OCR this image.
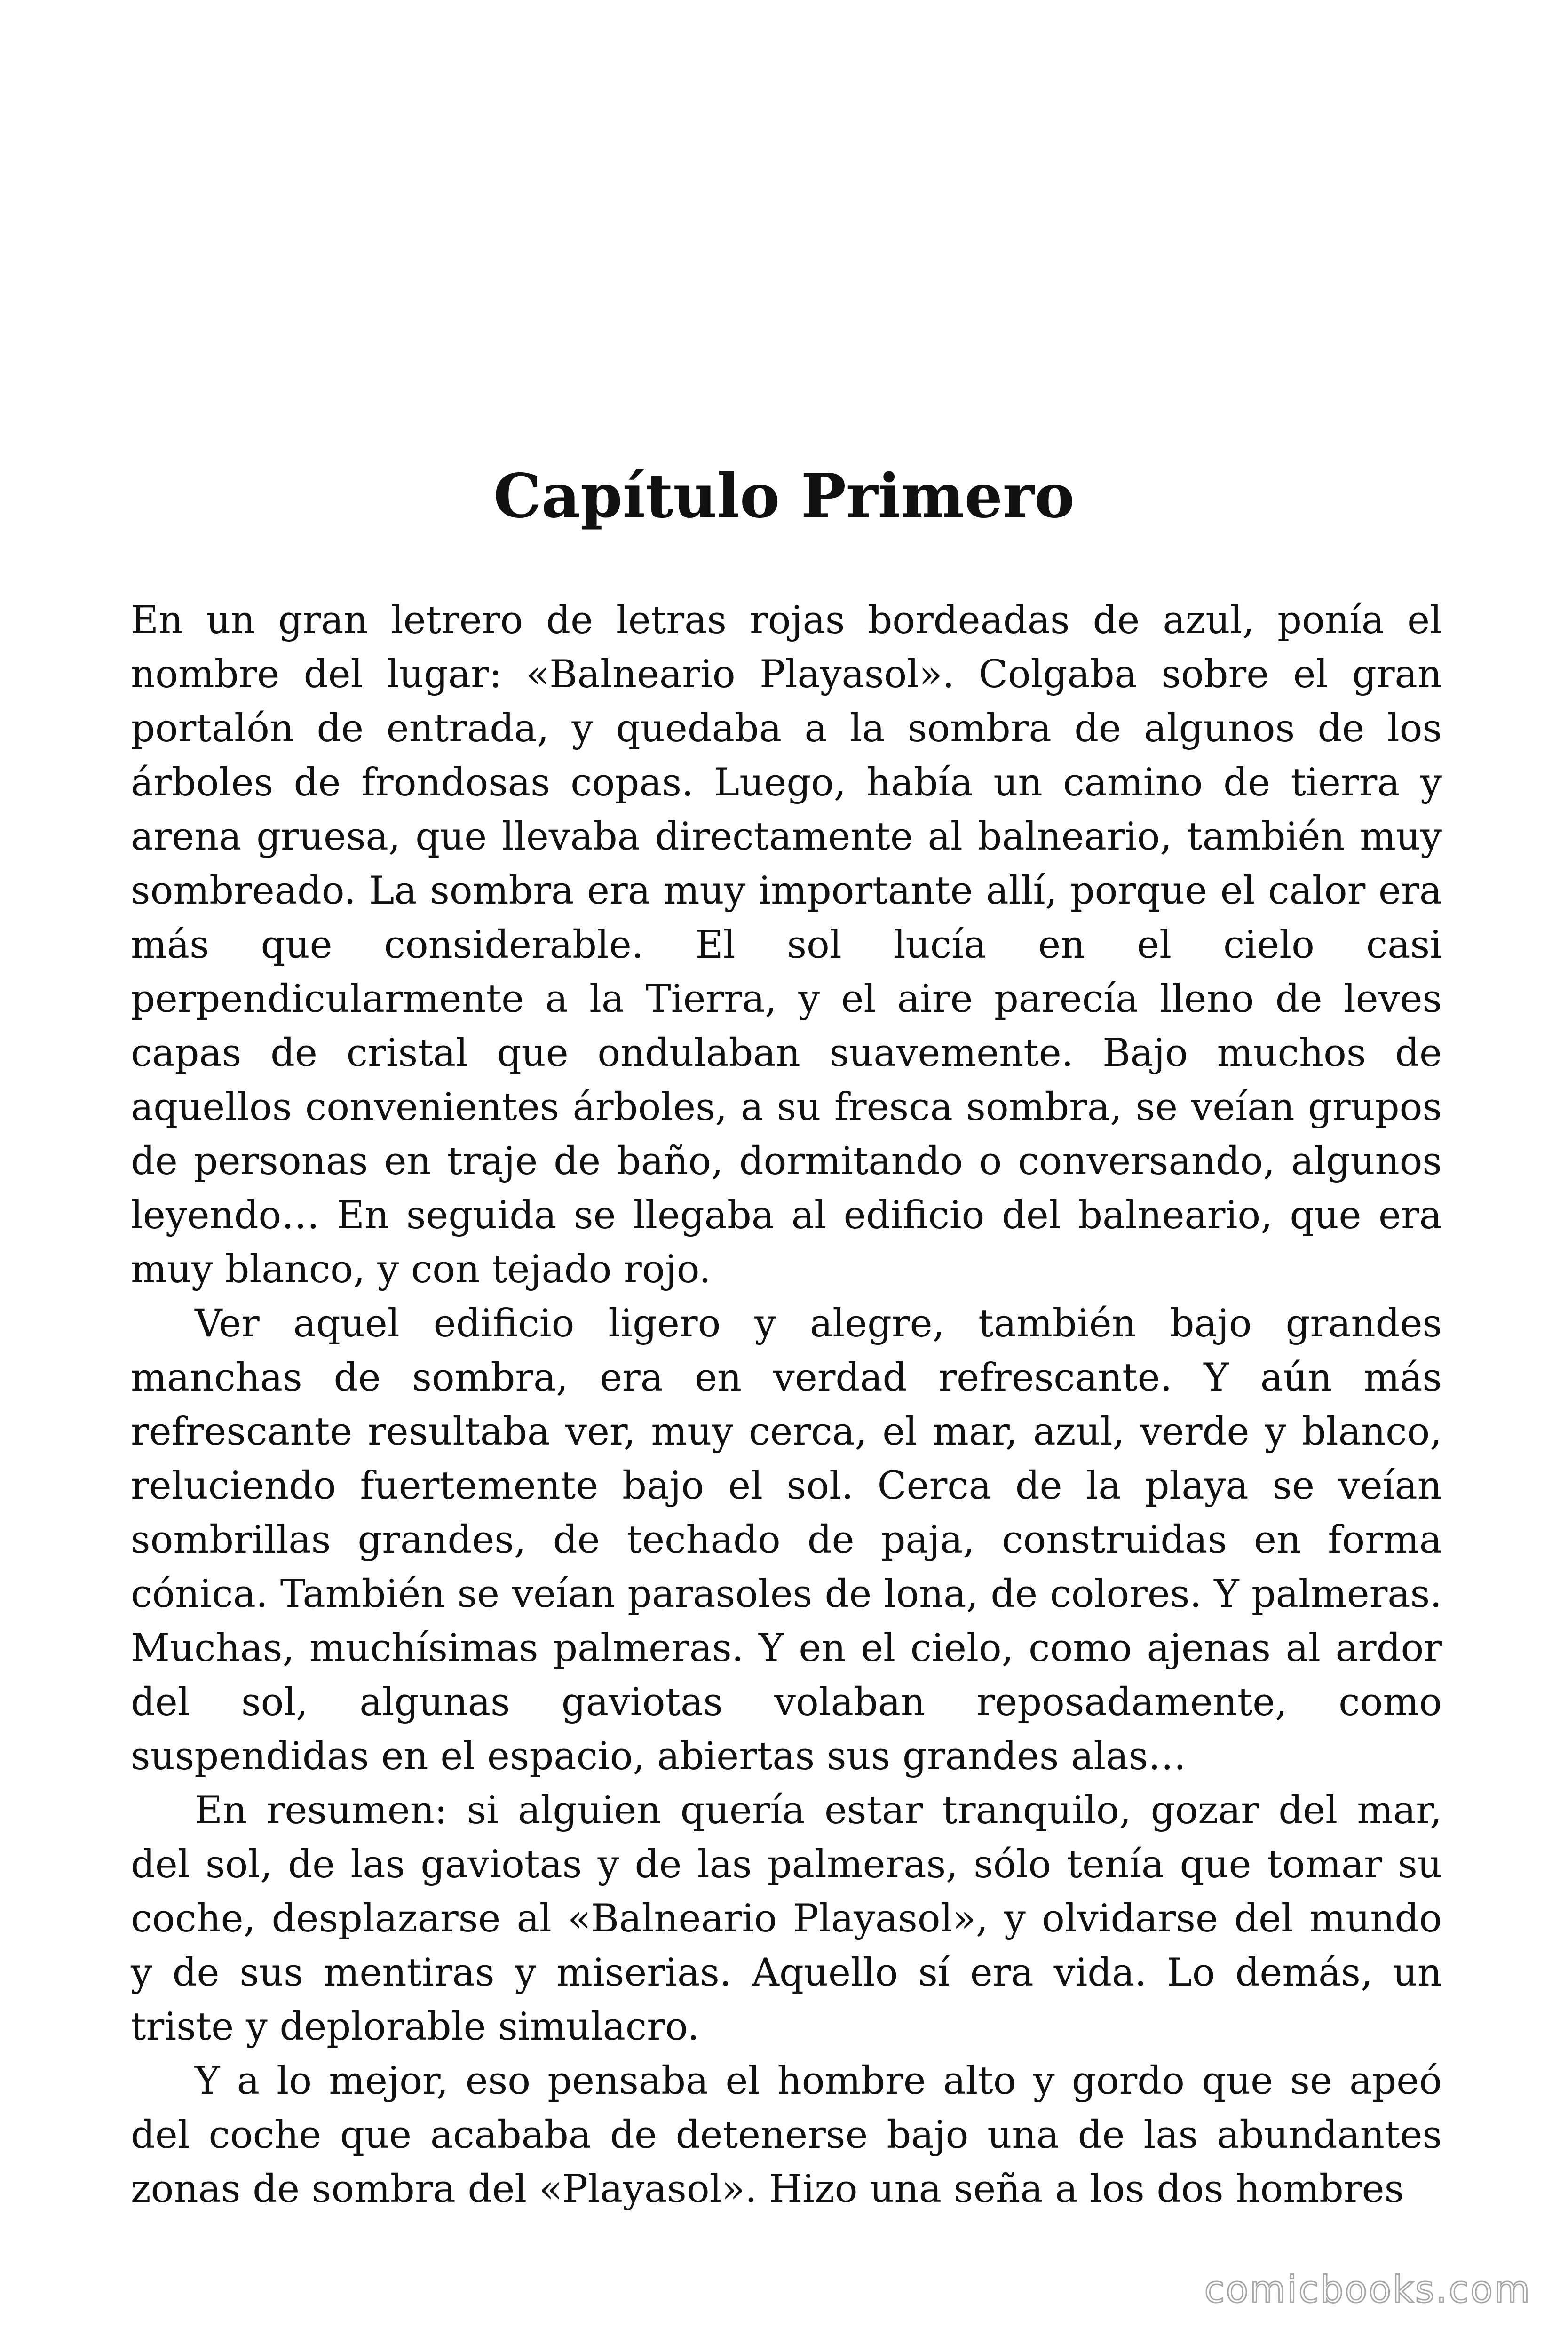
Capítulo Primero

En un gran letrero de letras rojas bordeadas de azul, ponía el nombre del lugar: «Balneario Playasol». Colgaba sobre el gran portalón de entrada, y quedaba a la sombra de algunos de los árboles de frondosas copas. Luego, había un camino de tierra y arena gruesa, que llevaba directamente al balneario, también muy sombreado. La sombra era muy importante allí, porque el calor era más que considerable. El sol lucía en el cielo casi perpendicularmente a la Tierra, y el aire parecía lleno de leves capas de cristal que ondulaban suavemente. Bajo muchos de aquellos convenientes árboles, a su fresca sombra, se veían grupos de personas en traje de baño, dormitando o conversando, algunos leyendo… En seguida se llegaba al edificio del balneario, que era muy blanco, y con tejado rojo.

Ver aquel edificio ligero y alegre, también bajo grandes manchas de sombra, era en verdad refrescante. Y aún más refrescante resultaba ver, muy cerca, el mar, azul, verde y blanco, reluciendo fuertemente bajo el sol. Cerca de la playa se veían sombrillas grandes, de techado de paja, construidas en forma cónica. También se veían parasoles de lona, de colores. Y palmeras. Muchas, muchísimas palmeras. Y en el cielo, como ajenas al ardor del sol, algunas gaviotas volaban reposadamente, como suspendidas en el espacio, abiertas sus grandes alas…

En resumen: si alguien quería estar tranquilo, gozar del mar, del sol, de las gaviotas y de las palmeras, sólo tenía que tomar su coche, desplazarse al «Balneario Playasol», y olvidarse del mundo y de sus mentiras y miserias. Aquello sí era vida. Lo demás, un triste y deplorable simulacro.

Y a lo mejor, eso pensaba el hombre alto y gordo que se apeó del coche que acababa de detenerse bajo una de las abundantes zonas de sombra del «Playasol». Hizo una seña a los dos hombres

comicbooks.com
